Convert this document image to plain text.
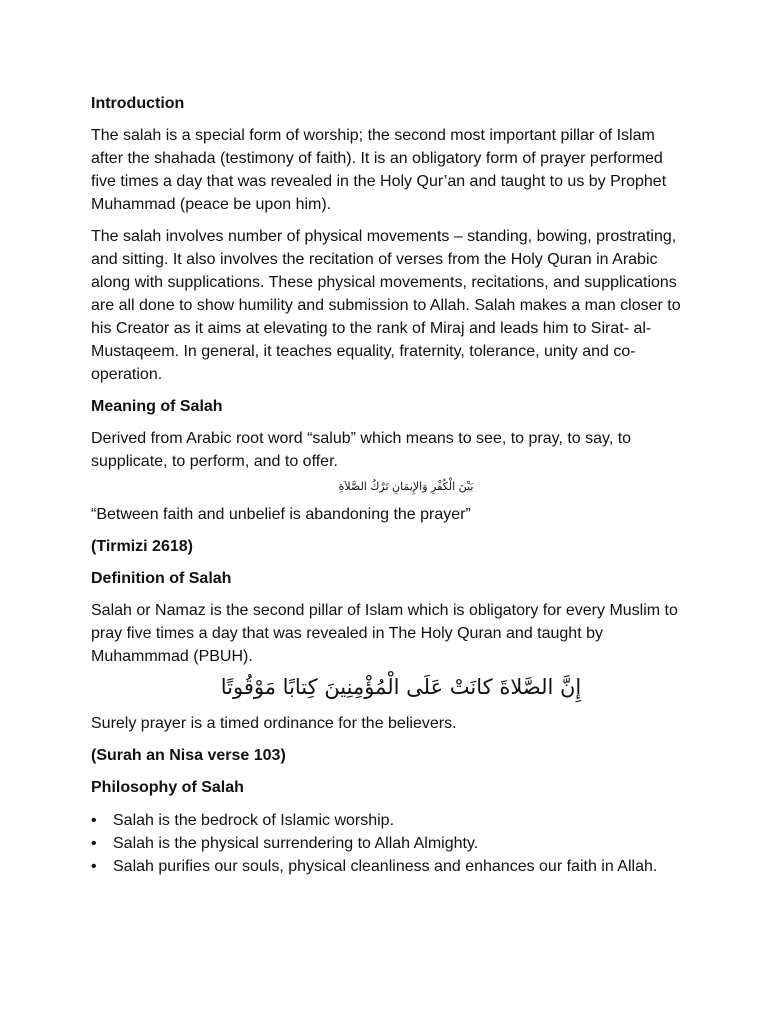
Introduction

The salah is a special form of worship; the second most important pillar of Islam after the shahada (testimony of faith). It is an obligatory form of prayer performed five times a day that was revealed in the Holy Qur’an and taught to us by Prophet Muhammad (peace be upon him).

The salah involves number of physical movements – standing, bowing, prostrating, and sitting. It also involves the recitation of verses from the Holy Quran in Arabic along with supplications. These physical movements, recitations, and supplications are all done to show humility and submission to Allah. Salah makes a man closer to his Creator as it aims at elevating to the rank of Miraj and leads him to Sirat- al-Mustaqeem. In general, it teaches equality, fraternity, tolerance, unity and co-operation.

Meaning of Salah

Derived from Arabic root word “salub” which means to see, to pray, to say, to supplicate, to perform, and to offer.

بَيْنَ الْكُفْرِ وَالإِيمَانِ تَرْكُ الصَّلاَةِ

“Between faith and unbelief is abandoning the prayer”

(Tirmizi 2618)

Definition of Salah

Salah or Namaz is the second pillar of Islam which is obligatory for every Muslim to pray five times a day that was revealed in The Holy Quran and taught by Muhammmad (PBUH).

إِنَّ الصَّلاةَ كانَتْ عَلَى الْمُؤْمِنِينَ كِتابًا مَوْقُوتًا

Surely prayer is a timed ordinance for the believers.

(Surah an Nisa verse 103)

Philosophy of Salah

•	Salah is the bedrock of Islamic worship.
•	Salah is the physical surrendering to Allah Almighty.
•	Salah purifies our souls, physical cleanliness and enhances our faith in Allah.
